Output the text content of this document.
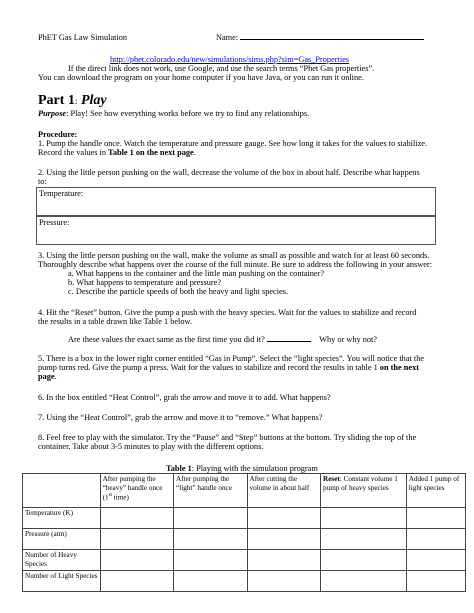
PhET Gas Law Simulation	Name:
http://phet.colorado.edu/new/simulations/sims.php?sim=Gas_Properties
If the direct link does not work, use Google, and use the search terms “Phet Gas properties”.
You can download the program on your home computer if you have Java, or you can run it online.
Part 1: Play
Purpose: Play! See how everything works before we try to find any relationships.
Procedure:
1. Pump the handle once. Watch the temperature and pressure gauge. See how long it takes for the values to stabilize.
Record the values in Table 1 on the next page.
2. Using the little person pushing on the wall, decrease the volume of the box in about half. Describe what happens
to:
Temperature:
Pressure:
3. Using the little person pushing on the wall, make the volume as small as possible and watch for at least 60 seconds.
Thoroughly describe what happens over the course of the full minute. Be sure to address the following in your answer:
a. What happens to the container and the little man pushing on the container?
b. What happens to temperature and pressure?
c. Describe the particle speeds of both the heavy and light species.
4. Hit the “Reset” button. Give the pump a push with the heavy species. Wait for the values to stabilize and record
the results in a table drawn like Table 1 below.
Are these values the exact same as the first time you did it?	Why or why not?
5. There is a box in the lower right corner entitled “Gas in Pump”. Select the “light species”. You will notice that the
pump turns red. Give the pump a press. Wait for the values to stabilize and record the results in table 1 on the next
page.
6. In the box entitled “Heat Control”, grab the arrow and move it to add. What happens?
7. Using the “Heat Control”, grab the arrow and move it to “remove.” What happens?
8. Feel free to play with the simulator. Try the “Pause” and “Step” buttons at the bottom. Try sliding the top of the
container. Take about 3-5 minutes to play with the different options.
Table 1: Playing with the simulation program
	After pumping the “heavy” handle once (1st time)	After pumping the “light” handle once	After cutting the volume in about half	Reset: Constant volume 1 pump of heavy species	Added 1 pump of light species
Temperature (K)					
Pressure (atm)					
Number of Heavy Species					
Number of Light Species					
